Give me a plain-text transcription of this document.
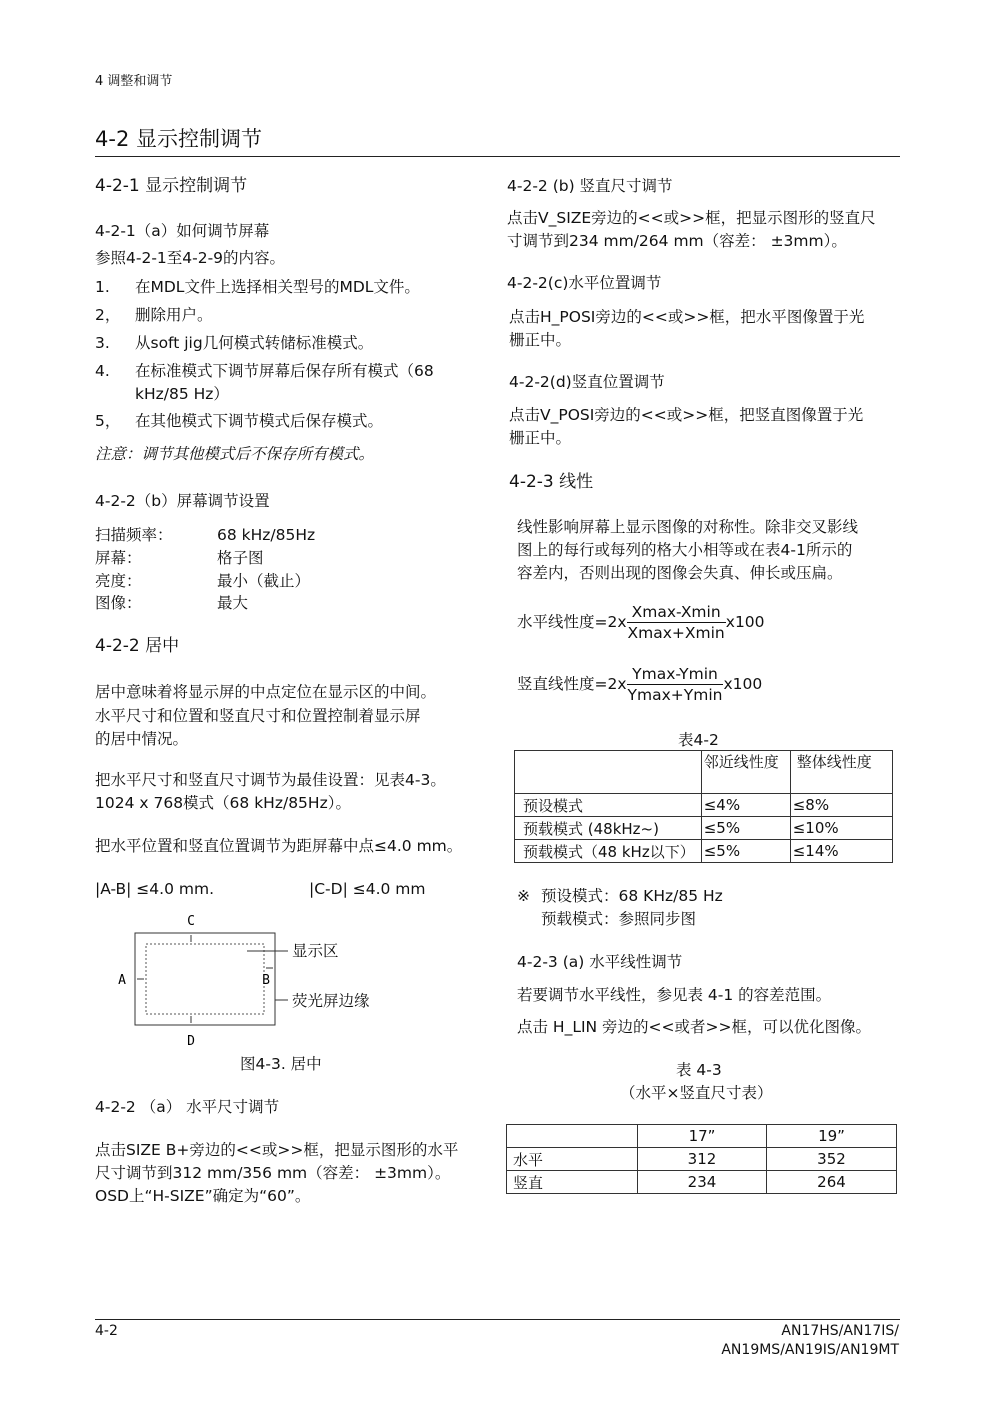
4 调整和调节
4-2 显示控制调节
4-2-1 显示控制调节
4-2-1（a）如何调节屏幕
参照4-2-1至4-2-9的内容。
1. 在MDL文件上选择相关型号的MDL文件。
2， 删除用户。
3. 从soft jig几何模式转储标准模式。
4. 在标准模式下调节屏幕后保存所有模式（68
kHz/85 Hz）
5， 在其他模式下调节模式后保存模式。
注意：调节其他模式后不保存所有模式。
4-2-2（b）屏幕调节设置
扫描频率：	68 kHz/85Hz
屏幕：	格子图
亮度：	最小（截止）
图像：	最大
4-2-2 居中
居中意味着将显示屏的中点定位在显示区的中间。
水平尺寸和位置和竖直尺寸和位置控制着显示屏
的居中情况。
把水平尺寸和竖直尺寸调节为最佳设置：见表4-3。
1024 x 768模式（68 kHz/85Hz）。
把水平位置和竖直位置调节为距屏幕中点≤4.0 mm。
|A-B| ≤4.0 mm.	|C-D| ≤4.0 mm
C
D
A	B
显示区
荧光屏边缘
图4-3. 居中
4-2-2 （a） 水平尺寸调节
点击SIZE B+旁边的<<或>>框，把显示图形的水平
尺寸调节到312 mm/356 mm（容差： ±3mm）。
OSD上“H-SIZE”确定为“60”。
4-2-2 (b) 竖直尺寸调节
点击V_SIZE旁边的<<或>>框，把显示图形的竖直尺
寸调节到234 mm/264 mm（容差： ±3mm）。
4-2-2(c)水平位置调节
点击H_POSI旁边的<<或>>框，把水平图像置于光
栅正中。
4-2-2(d)竖直位置调节
点击V_POSI旁边的<<或>>框，把竖直图像置于光
栅正中。
4-2-3 线性
线性影响屏幕上显示图像的对称性。除非交叉影线
图上的每行或每列的格大小相等或在表4-1所示的
容差内，否则出现的图像会失真、伸长或压扁。
水平线性度$=2x \frac{Xmax-Xmin}{Xmax+Xmin} x100$
竖直线性度$=2x \frac{Ymax-Ymin}{Ymax+Ymin} x100$
表4-2
	邻近线性度	整体线性度
预设模式	≤4%	≤8%
预载模式 (48kHz~)	≤5%	≤10%
预载模式（48 kHz以下）	≤5%	≤14%
※ 预设模式：68 KHz/85 Hz
预载模式：参照同步图
4-2-3 (a) 水平线性调节
若要调节水平线性，参见表 4-1 的容差范围。
点击 H_LIN 旁边的<<或者>>框，可以优化图像。
表 4-3
（水平×竖直尺寸表）
	17”	19”
水平	312	352
竖直	234	264
4-2	AN17HS/AN17IS/
AN19MS/AN19IS/AN19MT
